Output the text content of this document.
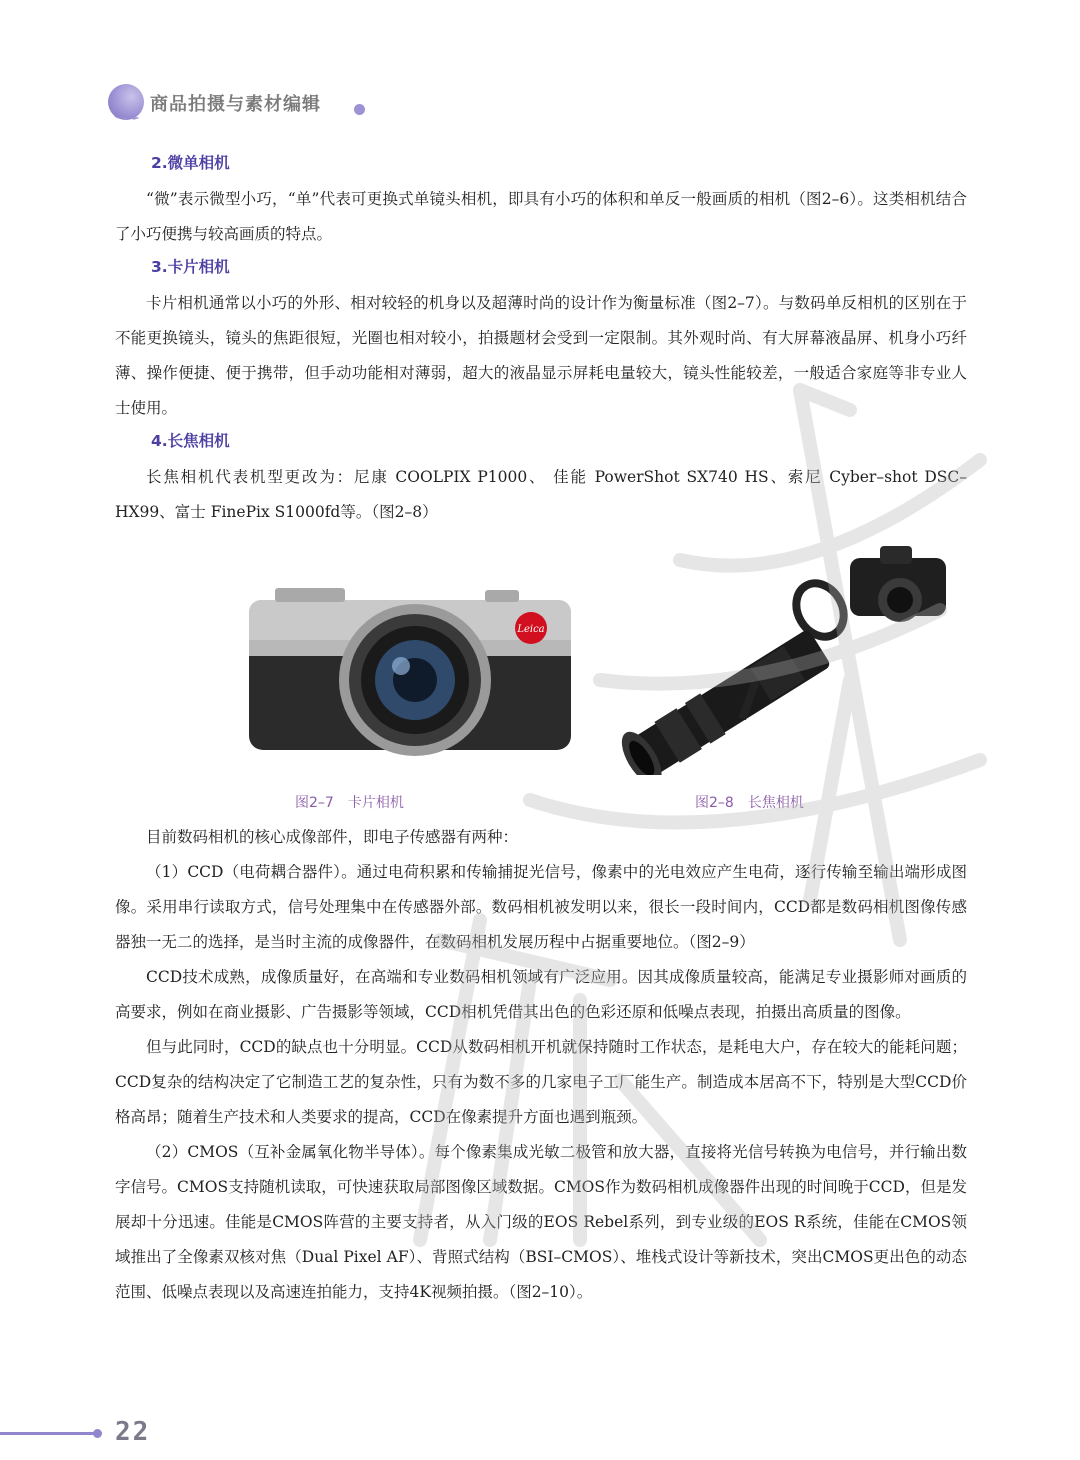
商品拍摄与素材编辑
2.微单相机

“微”表示微型小巧，“单”代表可更换式单镜头相机，即具有小巧的体积和单反一般画质的相机（图2–6）。这类相机结合了小巧便携与较高画质的特点。

3.卡片相机

卡片相机通常以小巧的外形、相对较轻的机身以及超薄时尚的设计作为衡量标准（图2–7）。与数码单反相机的区别在于不能更换镜头，镜头的焦距很短，光圈也相对较小，拍摄题材会受到一定限制。其外观时尚、有大屏幕液晶屏、机身小巧纤薄、操作便捷、便于携带，但手动功能相对薄弱，超大的液晶显示屏耗电量较大，镜头性能较差，一般适合家庭等非专业人士使用。

4.长焦相机

长焦相机代表机型更改为：尼康 COOLPIX P1000、 佳能 PowerShot SX740 HS、索尼 Cyber–shot DSC–HX99、富士 FinePix S1000fd等。（图2–8）

Leica
图2–7　卡片相机	图2–8　长焦相机

目前数码相机的核心成像部件，即电子传感器有两种：

（1）CCD（电荷耦合器件）。通过电荷积累和传输捕捉光信号，像素中的光电效应产生电荷，逐行传输至输出端形成图像。采用串行读取方式，信号处理集中在传感器外部。数码相机被发明以来，很长一段时间内，CCD都是数码相机图像传感器独一无二的选择，是当时主流的成像器件，在数码相机发展历程中占据重要地位。（图2–9）

CCD技术成熟，成像质量好，在高端和专业数码相机领域有广泛应用。因其成像质量较高，能满足专业摄影师对画质的高要求，例如在商业摄影、广告摄影等领域，CCD相机凭借其出色的色彩还原和低噪点表现，拍摄出高质量的图像。

但与此同时，CCD的缺点也十分明显。CCD从数码相机开机就保持随时工作状态，是耗电大户，存在较大的能耗问题； CCD复杂的结构决定了它制造工艺的复杂性，只有为数不多的几家电子工厂能生产。制造成本居高不下，特别是大型CCD价格高昂；随着生产技术和人类要求的提高，CCD在像素提升方面也遇到瓶颈。

（2）CMOS（互补金属氧化物半导体）。每个像素集成光敏二极管和放大器，直接将光信号转换为电信号，并行输出数字信号。CMOS支持随机读取，可快速获取局部图像区域数据。CMOS作为数码相机成像器件出现的时间晚于CCD，但是发展却十分迅速。佳能是CMOS阵营的主要支持者，从入门级的EOS Rebel系列，到专业级的EOS R系统，佳能在CMOS领域推出了全像素双核对焦（Dual Pixel AF）、背照式结构（BSI–CMOS）、堆栈式设计等新技术，突出CMOS更出色的动态范围、低噪点表现以及高速连拍能力，支持4K视频拍摄。（图2–10）。

22
